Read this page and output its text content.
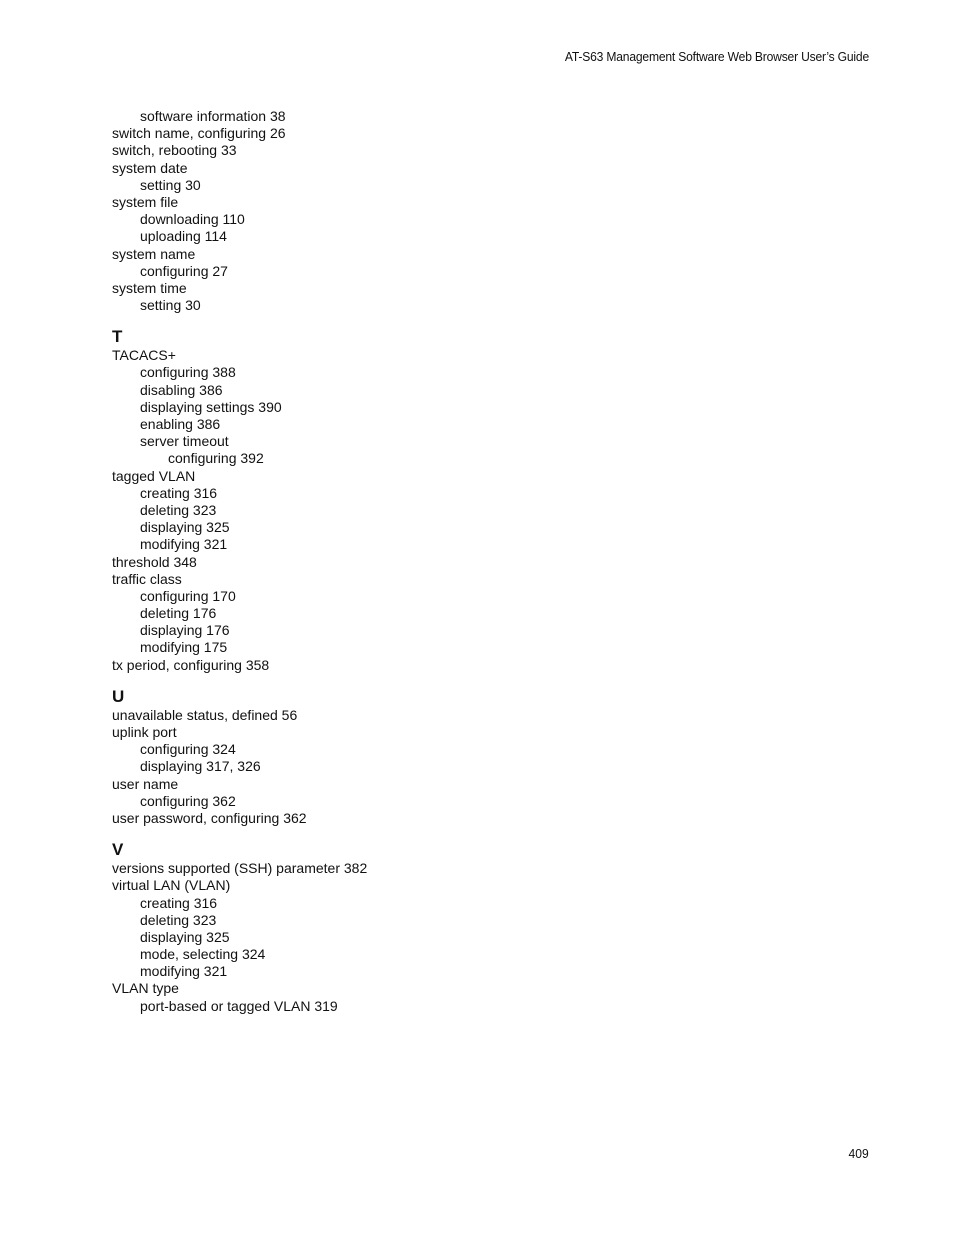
AT-S63 Management Software Web Browser User’s Guide
software information 38
switch name, configuring 26
switch, rebooting 33
system date
setting 30
system file
downloading 110
uploading 114
system name
configuring 27
system time
setting 30
T
TACACS+
configuring 388
disabling 386
displaying settings 390
enabling 386
server timeout
configuring 392
tagged VLAN
creating 316
deleting 323
displaying 325
modifying 321
threshold 348
traffic class
configuring 170
deleting 176
displaying 176
modifying 175
tx period, configuring 358
U
unavailable status, defined 56
uplink port
configuring 324
displaying 317, 326
user name
configuring 362
user password, configuring 362
V
versions supported (SSH) parameter 382
virtual LAN (VLAN)
creating 316
deleting 323
displaying 325
mode, selecting 324
modifying 321
VLAN type
port-based or tagged VLAN 319
409
